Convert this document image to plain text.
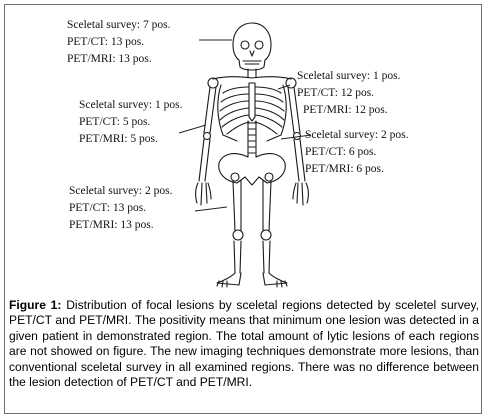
Sceletal survey: 7 pos.
PET/CT: 13 pos.
PET/MRI: 13 pos.
Sceletal survey: 1 pos.
PET/CT: 12 pos.
PET/MRI: 12 pos.
Sceletal survey: 1 pos.
PET/CT: 5 pos.
PET/MRI: 5 pos.	Sceletal survey: 2 pos.
PET/CT: 6 pos.
PET/MRI: 6 pos.
Sceletal survey: 2 pos.
PET/CT: 13 pos.
PET/MRI: 13 pos.
Figure 1: Distribution of focal lesions by sceletal regions detected by sceletel survey, PET/CT and PET/MRI. The positivity means that minimum one lesion was detected in a given patient in demonstrated region. The total amount of lytic lesions of each regions are not showed on figure. The new imaging techniques demonstrate more lesions, than conventional sceletal survey in all examined regions. There was no difference between the lesion detection of PET/CT and PET/MRI.
